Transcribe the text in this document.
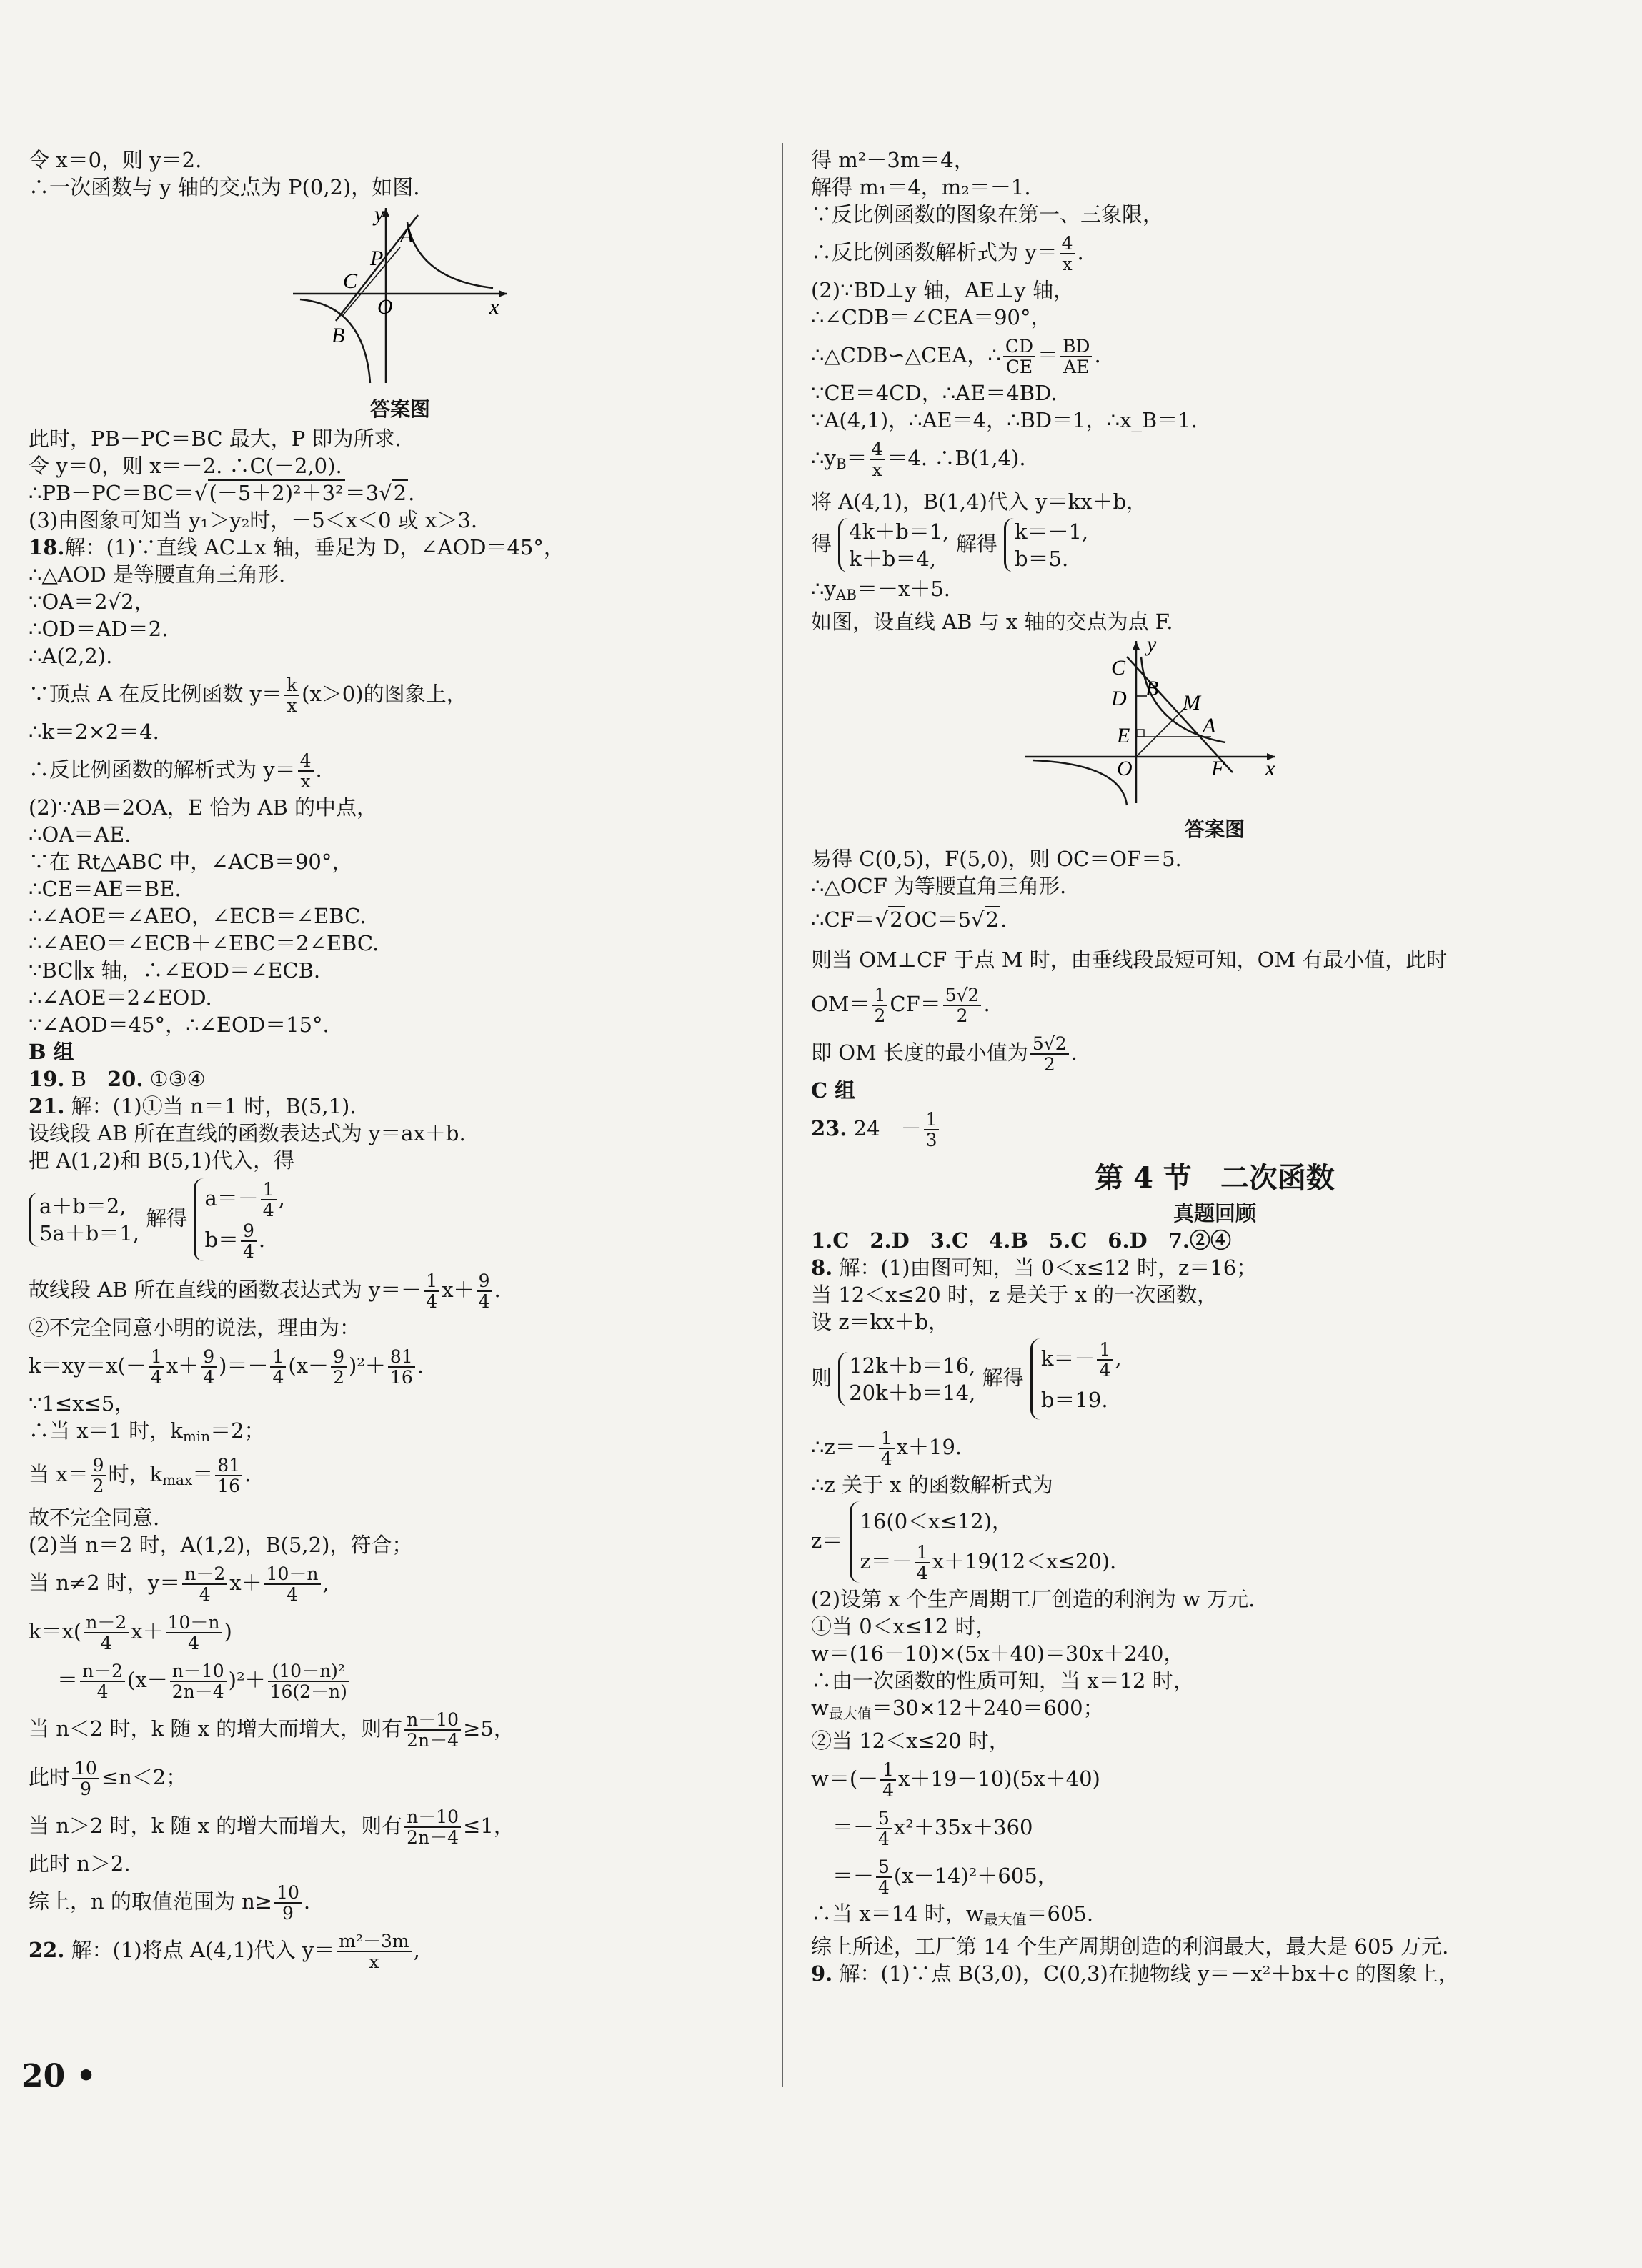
令 x＝0，则 y＝2.
∴一次函数与 y 轴的交点为 P(0,2)，如图.
y
A
P
C
O
B
x
答案图
此时，PB－PC＝BC 最大，P 即为所求.
令 y＝0，则 x＝－2. ∴C(－2,0).
∴PB－PC＝BC＝√(－5＋2)²＋3²＝3√2.
(3)由图象可知当 y₁＞y₂时，－5＜x＜0 或 x＞3.
18.解：(1)∵直线 AC⊥x 轴，垂足为 D，∠AOD＝45°，
∴△AOD 是等腰直角三角形.
∵OA＝2√2，
∴OD＝AD＝2.
∴A(2,2).
∵顶点 A 在反比例函数 $y= \frac{k}{x} (x>0)$的图象上，
∴k＝2×2＝4.
∴反比例函数的解析式为 $y= \frac{4}{x}$ .
(2)∵AB＝2OA，E 恰为 AB 的中点，
∴OA＝AE.
∵在 Rt△ABC 中，∠ACB＝90°，
∴CE＝AE＝BE.
∴∠AOE＝∠AEO，∠ECB＝∠EBC.
∴∠AEO＝∠ECB＋∠EBC＝2∠EBC.
∵BC∥x 轴，∴∠EOD＝∠ECB.
∴∠AOE＝2∠EOD.
∵∠AOD＝45°，∴∠EOD＝15°.
B 组
19. B　20. ①③④
21. 解：(1)①当 n＝1 时，B(5,1).
设线段 AB 所在直线的函数表达式为 y＝ax＋b.
把 A(1,2)和 B(5,1)代入，得
a＋b＝2,
5a＋b＝1,
解得
$a=- \frac{1}{4}$ ,
$b= \frac{9}{4}$ .
故线段 AB 所在直线的函数表达式为 $y=- \frac{1}{4} x+ \frac{9}{4}$ .
②不完全同意小明的说法，理由为：
$k=xy=x(- \frac{1}{4} x+ \frac{9}{4}$ )＝－ $\frac{1}{4} (x- \frac{9}{2} )^2+ \frac{81}{16}$ .
∵1≤x≤5，
∴当 x＝1 时，$k_{min}=2$；
当 $x= \frac{9}{2}$ 时，$k_{max}= \frac{81}{16}$ .
故不完全同意.
(2)当 n＝2 时，A(1,2)，B(5,2)，符合；
当 n≠2 时，$y= \frac{n-2}{4} x+ \frac{10-n}{4}$ ,
$k=x( \frac{n-2}{4} x+ \frac{10-n}{4}$ )
＝ $\frac{n-2}{4} (x- \frac{n-10}{2n-4} )^2+ \frac{\text{(10－n)²}}{16(2-n)}$
当 n＜2 时，k 随 x 的增大而增大，则有 $\frac{n-10}{2n-4} \ge 5$，
此时 $\frac{10}{9} \le n<2$；
当 n＞2 时，k 随 x 的增大而增大，则有 $\frac{n-10}{2n-4} \le 1$，
此时 n＞2.
综上，n 的取值范围为 $n\ge \frac{10}{9}$ .
22. 解：(1)将点 A(4,1)代入 $y= \frac{\text{m²－3m}}{x}$ ,
得 m²－3m＝4，
解得 m₁＝4，m₂＝－1.
∵反比例函数的图象在第一、三象限，
∴反比例函数解析式为 $y= \frac{4}{x}$ .
(2)∵BD⊥y 轴，AE⊥y 轴，
∴∠CDB＝∠CEA＝90°，
∴△CDB∽△CEA，∴ $\frac{CD}{CE} = \frac{BD}{AE}$ .
∵CE＝4CD，∴AE＝4BD.
∵A(4,1)，∴AE＝4，∴BD＝1，∴x_B＝1.
$\therefore y_B= \frac{4}{x} =4$. ∴B(1,4).
将 A(4,1)，B(1,4)代入 y＝kx＋b，
得 4k＋b＝1,
k＋b＝4,
解得 k＝－1,
b＝5.
$\therefore y_{AB}=-x+5$.
如图，设直线 AB 与 x 轴的交点为点 F.
y
C
D B
M
A
E
O	F x
答案图
易得 C(0,5)，F(5,0)，则 OC＝OF＝5.
∴△OCF 为等腰直角三角形.
∴CF＝√2OC＝5√2.
则当 OM⊥CF 于点 M 时，由垂线段最短可知，OM 有最小值，此时
$OM= \frac{1}{2} CF= \frac{5√2}{2}$ .
即 OM 长度的最小值为 $\frac{5√2}{2}$ .
C 组
23. 24　－ $\frac{1}{3}$
第 4 节　二次函数
真题回顾
1.C　2.D　3.C　4.B　5.C　6.D　7.②④
8. 解：(1)由图可知，当 0＜x≤12 时，z＝16；
当 12＜x≤20 时，z 是关于 x 的一次函数，
设 z＝kx＋b，
则 12k＋b＝16,
20k＋b＝14,
解得
$k=- \frac{1}{4}$ ,
b＝19.
∴z＝－ $\frac{1}{4} x+19$.
∴z 关于 x 的函数解析式为
z＝
16(0＜x≤12)，
$z=- \frac{1}{4} x+19(12<x\le 20)$.
(2)设第 x 个生产周期工厂创造的利润为 w 万元.
①当 0＜x≤12 时，
w＝(16－10)×(5x＋40)＝30x＋240，
∴由一次函数的性质可知，当 x＝12 时，
$w_{最大值}=30\times 12+240=600$；
②当 12＜x≤20 时，
$w=(- \frac{1}{4} x+19-10)(5x+40)$
＝－ $\frac{5}{4} x^2+35x+360$
＝－ $\frac{5}{4} (x-14)^2+605$，
∴当 x＝14 时，$w_{最大值}=605$.
综上所述，工厂第 14 个生产周期创造的利润最大，最大是 605 万元.
9. 解：(1)∵点 B(3,0)，C(0,3)在抛物线 y＝－x²＋bx＋c 的图象上，
20 •
